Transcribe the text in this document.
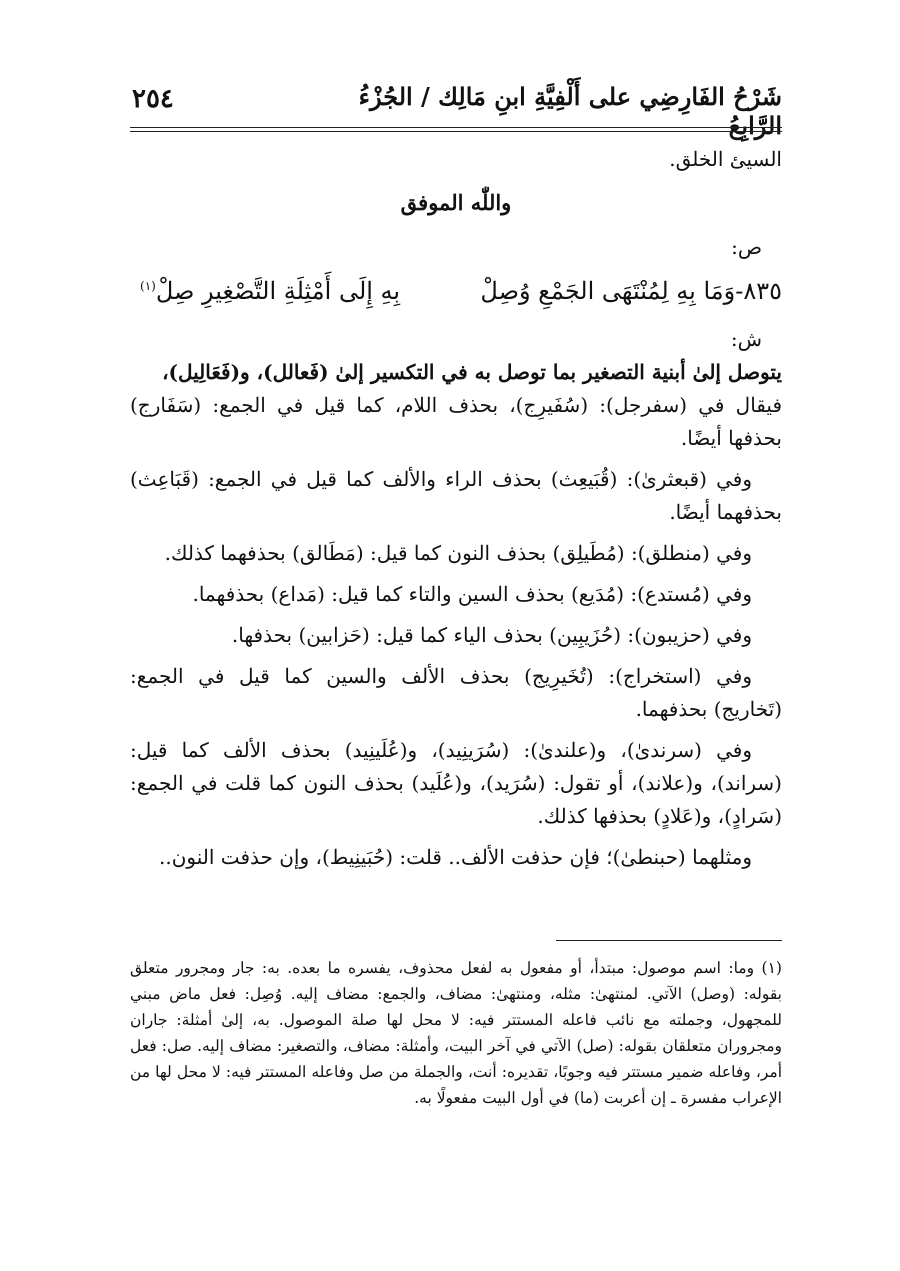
٢٥٤	شَرْحُ الفَارِضِي على أَلْفِيَّةِ ابنِ مَالِك / الجُزْءُ الرَّابِعُ

السيئ الخلق.

واللّٰه الموفق

ص:

٨٣٥-وَمَا بِهِ لِمُنْتَهَى الجَمْعِ وُصِلْ
بِهِ إِلَى أَمْثِلَةِ التَّصْغِيرِ صِلْ$^{(١)}$

ش:

يتوصل إلىٰ أبنية التصغير بما توصل به في التكسير إلىٰ (فَعالل)، و(فَعَالِيل)،

فيقال في (سفرجل): (سُفَيرِج)، بحذف اللام، كما قيل في الجمع: (سَفَارج) بحذفها أيضًا.

وفي (قبعثرىٰ): (قُبَيعِث) بحذف الراء والألف كما قيل في الجمع: (قَبَاعِث) بحذفهما أيضًا.

وفي (منطلق): (مُطَيلِق) بحذف النون كما قيل: (مَطَالق) بحذفهما كذلك.

وفي (مُستدع): (مُدَيع) بحذف السين والتاء كما قيل: (مَداع) بحذفهما.

وفي (حزيبون): (حُزَيبِين) بحذف الياء كما قيل: (حَزابين) بحذفها.

وفي (استخراج): (تُخَيرِيج) بحذف الألف والسين كما قيل في الجمع: (تَخاريج) بحذفهما.

وفي (سرندىٰ)، و(علندىٰ): (سُرَينِيد)، و(عُلَينِيد) بحذف الألف كما قيل: (سراند)، و(علاند)، أو تقول: (سُرَيد)، و(عُلَيد) بحذف النون كما قلت في الجمع: (سَرادٍ)، و(عَلادٍ) بحذفها كذلك.

ومثلهما (حبنطىٰ)؛ فإن حذفت الألف.. قلت: (حُبَينِيط)، وإن حذفت النون..

(١) وما: اسم موصول: مبتدأ، أو مفعول به لفعل محذوف، يفسره ما بعده. به: جار ومجرور متعلق بقوله: (وصل) الآتي. لمنتهىٰ: مثله، ومنتهىٰ: مضاف، والجمع: مضاف إليه. وُصِل: فعل ماض مبني للمجهول، وجملته مع نائب فاعله المستتر فيه: لا محل لها صلة الموصول. به، إلىٰ أمثلة: جاران ومجروران متعلقان بقوله: (صل) الآتي في آخر البيت، وأمثلة: مضاف، والتصغير: مضاف إليه. صل: فعل أمر، وفاعله ضمير مستتر فيه وجوبًا، تقديره: أنت، والجملة من صل وفاعله المستتر فيه: لا محل لها من الإعراب مفسرة ـ إن أعربت (ما) في أول البيت مفعولًا به.
